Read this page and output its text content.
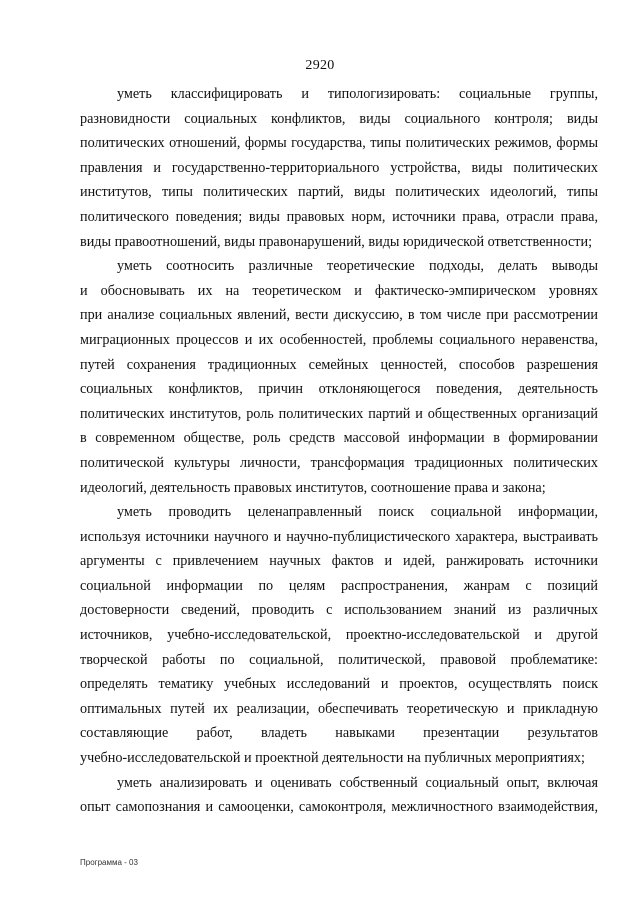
2920
уметь классифицировать и типологизировать: социальные группы,
разновидности социальных конфликтов, виды социального контроля; виды
политических отношений, формы государства, типы политических режимов, формы
правления и государственно-территориального устройства, виды политических
институтов, типы политических партий, виды политических идеологий, типы
политического поведения; виды правовых норм, источники права, отрасли права,
виды правоотношений, виды правонарушений, виды юридической ответственности;
уметь соотносить различные теоретические подходы, делать выводы
и обосновывать их на теоретическом и фактическо-эмпирическом уровнях
при анализе социальных явлений, вести дискуссию, в том числе при рассмотрении
миграционных процессов и их особенностей, проблемы социального неравенства,
путей сохранения традиционных семейных ценностей, способов разрешения
социальных конфликтов, причин отклоняющегося поведения, деятельность
политических институтов, роль политических партий и общественных организаций
в современном обществе, роль средств массовой информации в формировании
политической культуры личности, трансформация традиционных политических
идеологий, деятельность правовых институтов, соотношение права и закона;
уметь проводить целенаправленный поиск социальной информации,
используя источники научного и научно-публицистического характера, выстраивать
аргументы с привлечением научных фактов и идей, ранжировать источники
социальной информации по целям распространения, жанрам с позиций
достоверности сведений, проводить с использованием знаний из различных
источников, учебно-исследовательской, проектно-исследовательской и другой
творческой работы по социальной, политической, правовой проблематике:
определять тематику учебных исследований и проектов, осуществлять поиск
оптимальных путей их реализации, обеспечивать теоретическую и прикладную
составляющие работ, владеть навыками презентации результатов
учебно-исследовательской и проектной деятельности на публичных мероприятиях;
уметь анализировать и оценивать собственный социальный опыт, включая
опыт самопознания и самооценки, самоконтроля, межличностного взаимодействия,
Программа - 03
